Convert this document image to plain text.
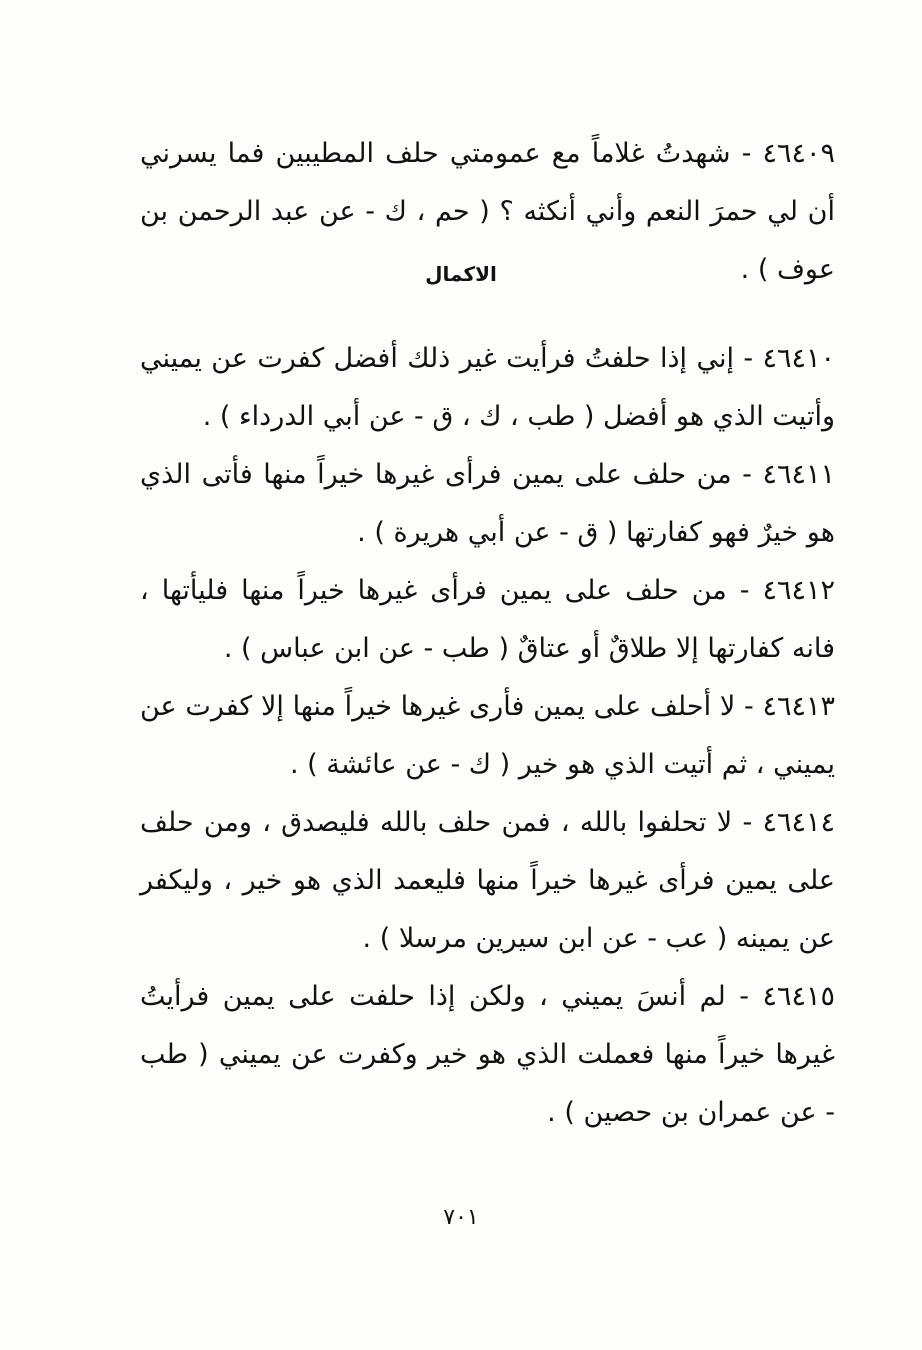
٤٦٤٠٩ - شهدتُ غلاماً مع عمومتي حلف المطيبين فما يسرني أن لي حمرَ النعم وأني أنكثه ؟ ( حم ، ك - عن عبد الرحمن بن عوف ) .

الاكمال

٤٦٤١٠ - إني إذا حلفتُ فرأيت غير ذلك أفضل كفرت عن يميني وأتيت الذي هو أفضل ( طب ، ك ، ق - عن أبي الدرداء ) .

٤٦٤١١ - من حلف على يمين فرأى غيرها خيراً منها فأتى الذي هو خيرٌ فهو كفارتها ( ق - عن أبي هريرة ) .

٤٦٤١٢ - من حلف على يمين فرأى غيرها خيراً منها فليأتها ، فانه كفارتها إلا طلاقٌ أو عتاقٌ ( طب - عن ابن عباس ) .

٤٦٤١٣ - لا أحلف على يمين فأرى غيرها خيراً منها إلا كفرت عن يميني ، ثم أتيت الذي هو خير ( ك - عن عائشة ) .

٤٦٤١٤ - لا تحلفوا بالله ، فمن حلف بالله فليصدق ، ومن حلف على يمين فرأى غيرها خيراً منها فليعمد الذي هو خير ، وليكفر عن يمينه ( عب - عن ابن سيرين مرسلا ) .

٤٦٤١٥ - لم أنسَ يميني ، ولكن إذا حلفت على يمين فرأيتُ غيرها خيراً منها فعملت الذي هو خير وكفرت عن يميني ( طب - عن عمران بن حصين ) .

٧٠١
